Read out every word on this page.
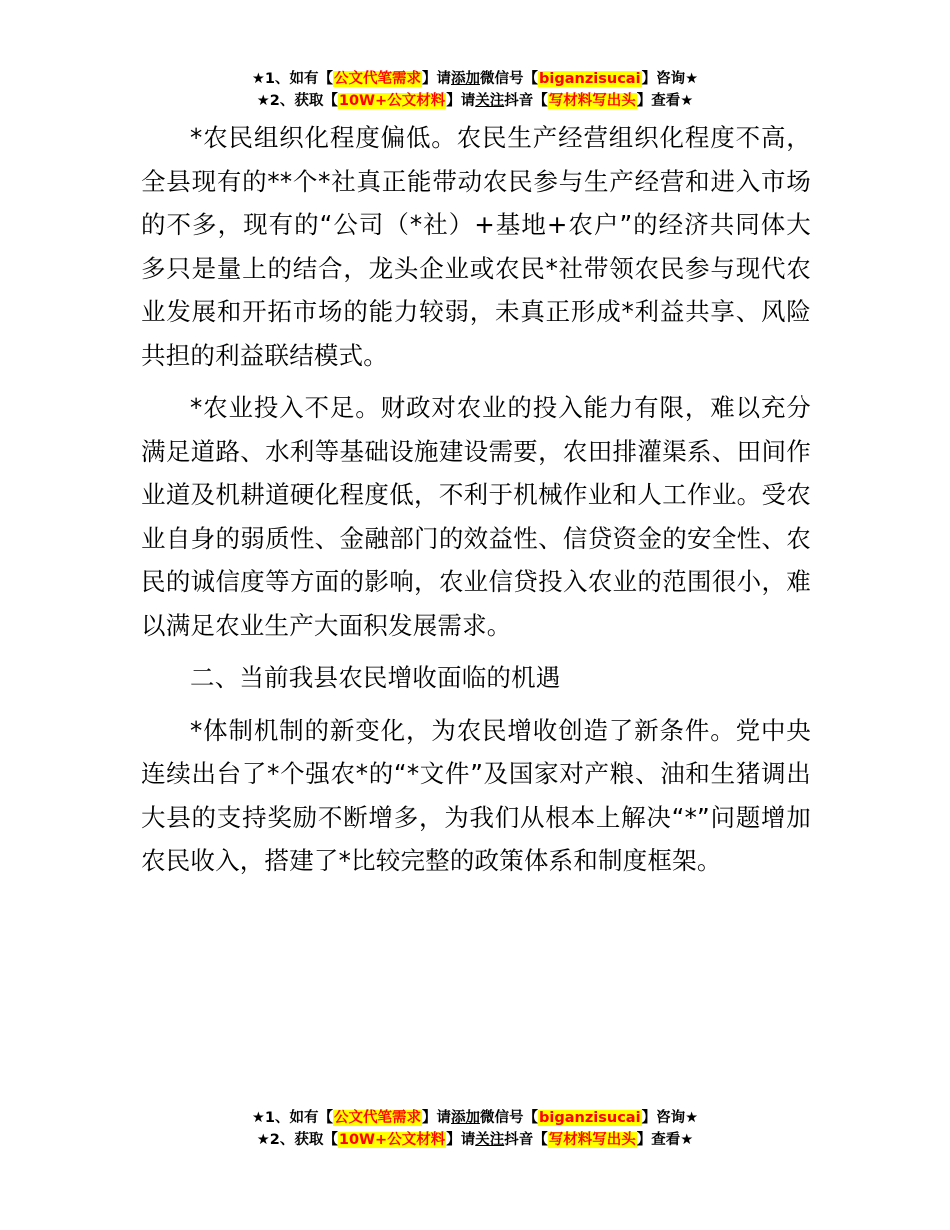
★1、如有【公文代笔需求】请添加微信号【biganzisucai】咨询★
★2、获取【10W+公文材料】请关注抖音【写材料写出头】查看★

*农民组织化程度偏低。农民生产经营组织化程度不高，全县现有的**个*社真正能带动农民参与生产经营和进入市场的不多，现有的“公司（*社）+基地+农户”的经济共同体大多只是量上的结合，龙头企业或农民*社带领农民参与现代农业发展和开拓市场的能力较弱，未真正形成*利益共享、风险共担的利益联结模式。

*农业投入不足。财政对农业的投入能力有限，难以充分满足道路、水利等基础设施建设需要，农田排灌渠系、田间作业道及机耕道硬化程度低，不利于机械作业和人工作业。受农业自身的弱质性、金融部门的效益性、信贷资金的安全性、农民的诚信度等方面的影响，农业信贷投入农业的范围很小，难以满足农业生产大面积发展需求。

二、当前我县农民增收面临的机遇

*体制机制的新变化，为农民增收创造了新条件。党中央连续出台了*个强农*的“*文件”及国家对产粮、油和生猪调出大县的支持奖励不断增多，为我们从根本上解决“*”问题增加农民收入，搭建了*比较完整的政策体系和制度框架。

★1、如有【公文代笔需求】请添加微信号【biganzisucai】咨询★
★2、获取【10W+公文材料】请关注抖音【写材料写出头】查看★
